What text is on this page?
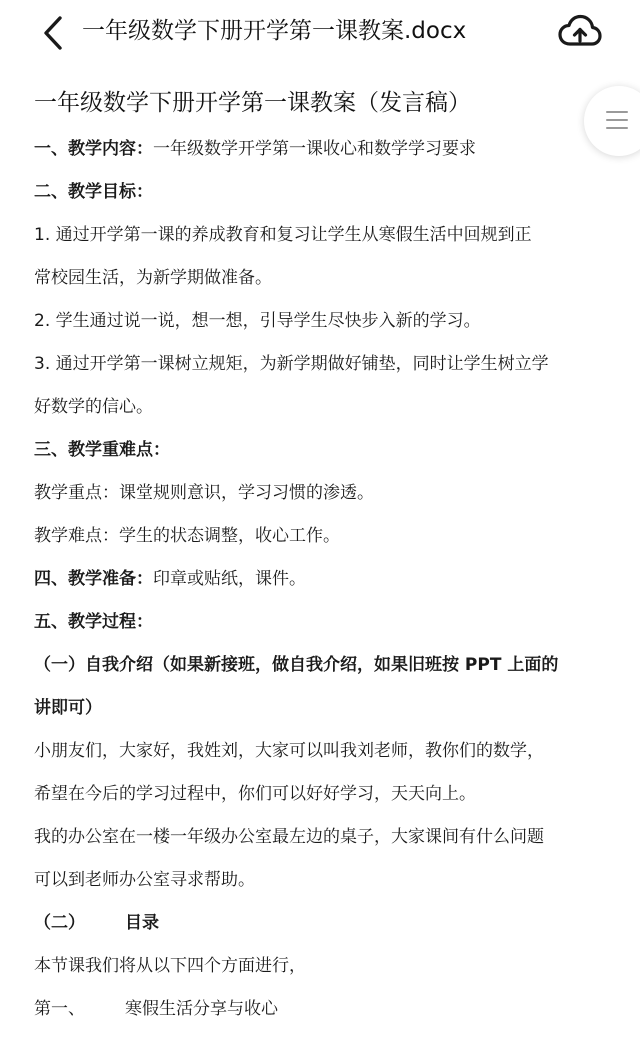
一年级数学下册开学第一课教案.docx
一年级数学下册开学第一课教案（发言稿）

一、教学内容：一年级数学开学第一课收心和数学学习要求

二、教学目标：

1. 通过开学第一课的养成教育和复习让学生从寒假生活中回规到正

常校园生活，为新学期做准备。

2. 学生通过说一说，想一想，引导学生尽快步入新的学习。

3. 通过开学第一课树立规矩，为新学期做好铺垫，同时让学生树立学

好数学的信心。

三、教学重难点：

教学重点：课堂规则意识，学习习惯的渗透。

教学难点：学生的状态调整，收心工作。

四、教学准备：印章或贴纸，课件。

五、教学过程：

（一）自我介绍（如果新接班，做自我介绍，如果旧班按 PPT 上面的

讲即可）

小朋友们，大家好，我姓刘，大家可以叫我刘老师，教你们的数学，

希望在今后的学习过程中，你们可以好好学习，天天向上。

我的办公室在一楼一年级办公室最左边的桌子，大家课间有什么问题

可以到老师办公室寻求帮助。

（二） 目录

本节课我们将从以下四个方面进行，

第一、 寒假生活分享与收心
